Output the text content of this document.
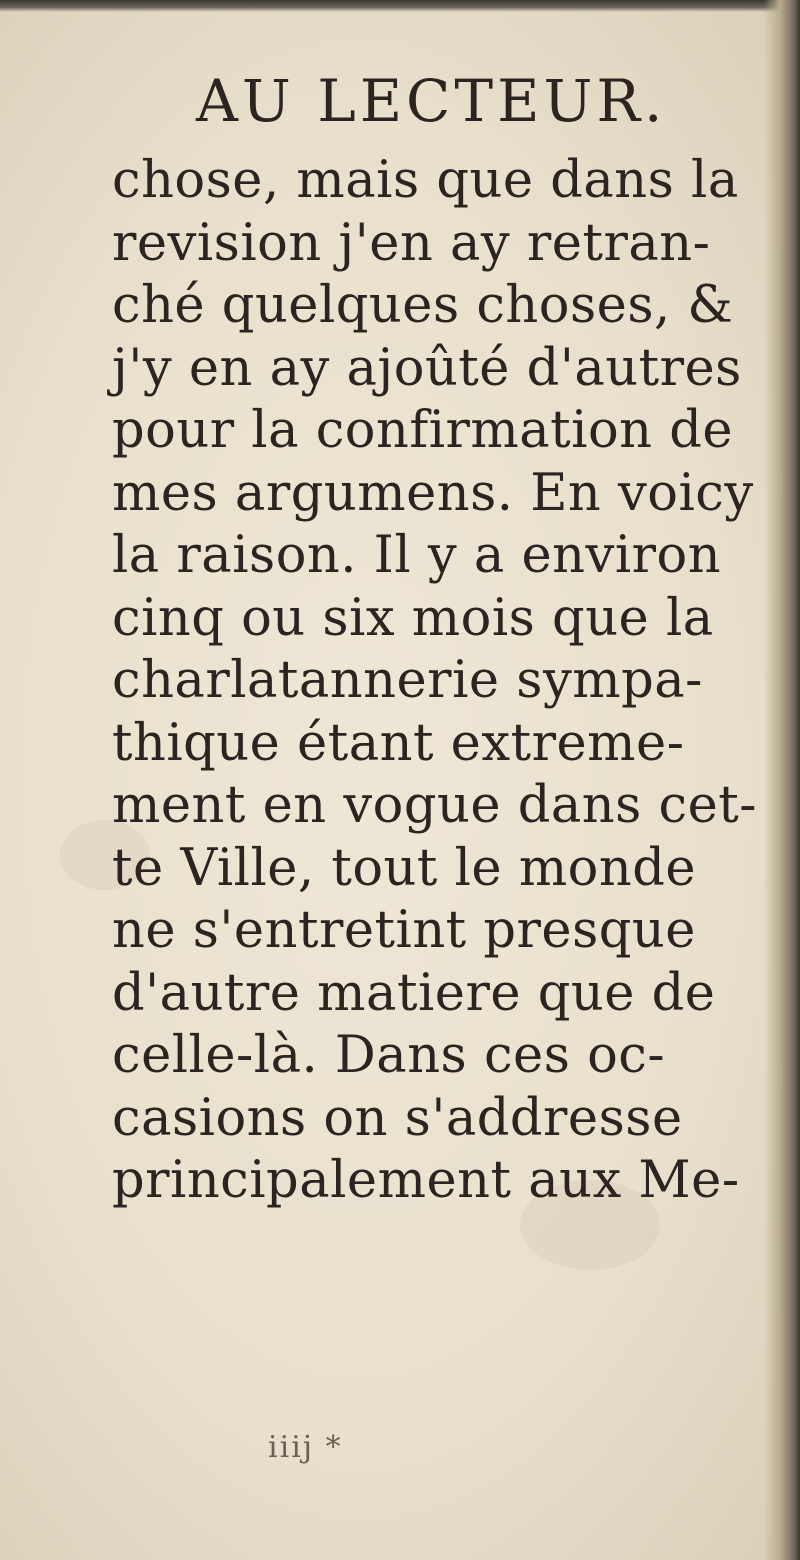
AU LECTEUR.
chose, mais que dans la
revision j'en ay retran-
ché quelques choses, &
j'y en ay ajoûté d'autres
pour la confirmation de
mes argumens. En voicy
la raison. Il y a environ
cinq ou six mois que la
charlatannerie sympa-
thique étant extreme-
ment en vogue dans cet-
te Ville, tout le monde
ne s'entretint presque
d'autre matiere que de
celle-là. Dans ces oc-
casions on s'addresse
principalement aux Me-
iiij *
